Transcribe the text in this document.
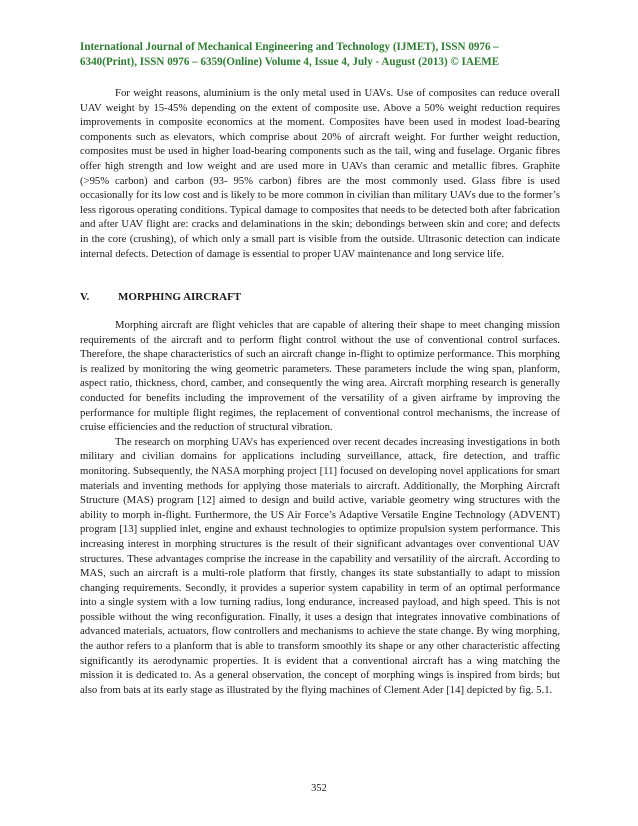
International Journal of Mechanical Engineering and Technology (IJMET), ISSN 0976 –
6340(Print), ISSN 0976 – 6359(Online) Volume 4, Issue 4, July - August (2013) © IAEME

For weight reasons, aluminium is the only metal used in UAVs. Use of composites can reduce overall UAV weight by 15-45% depending on the extent of composite use. Above a 50% weight reduction requires improvements in composite economics at the moment. Composites have been used in modest load-bearing components such as elevators, which comprise about 20% of aircraft weight. For further weight reduction, composites must be used in higher load-bearing components such as the tail, wing and fuselage. Organic fibres offer high strength and low weight and are used more in UAVs than ceramic and metallic fibres. Graphite (>95% carbon) and carbon (93- 95% carbon) fibres are the most commonly used. Glass fibre is used occasionally for its low cost and is likely to be more common in civilian than military UAVs due to the former’s less rigorous operating conditions. Typical damage to composites that needs to be detected both after fabrication and after UAV flight are: cracks and delaminations in the skin; debondings between skin and core; and defects in the core (crushing), of which only a small part is visible from the outside. Ultrasonic detection can indicate internal defects. Detection of damage is essential to proper UAV maintenance and long service life.

V.	MORPHING AIRCRAFT

Morphing aircraft are flight vehicles that are capable of altering their shape to meet changing mission requirements of the aircraft and to perform flight control without the use of conventional control surfaces. Therefore, the shape characteristics of such an aircraft change in-flight to optimize performance. This morphing is realized by monitoring the wing geometric parameters. These parameters include the wing span, planform, aspect ratio, thickness, chord, camber, and consequently the wing area. Aircraft morphing research is generally conducted for benefits including the improvement of the versatility of a given airframe by improving the performance for multiple flight regimes, the replacement of conventional control mechanisms, the increase of cruise efficiencies and the reduction of structural vibration.

The research on morphing UAVs has experienced over recent decades increasing investigations in both military and civilian domains for applications including surveillance, attack, fire detection, and traffic monitoring. Subsequently, the NASA morphing project [11] focused on developing novel applications for smart materials and inventing methods for applying those materials to aircraft. Additionally, the Morphing Aircraft Structure (MAS) program [12] aimed to design and build active, variable geometry wing structures with the ability to morph in-flight. Furthermore, the US Air Force’s Adaptive Versatile Engine Technology (ADVENT) program [13] supplied inlet, engine and exhaust technologies to optimize propulsion system performance. This increasing interest in morphing structures is the result of their significant advantages over conventional UAV structures. These advantages comprise the increase in the capability and versatility of the aircraft. According to MAS, such an aircraft is a multi-role platform that firstly, changes its state substantially to adapt to mission changing requirements. Secondly, it provides a superior system capability in term of an optimal performance into a single system with a low turning radius, long endurance, increased payload, and high speed. This is not possible without the wing reconfiguration. Finally, it uses a design that integrates innovative combinations of advanced materials, actuators, flow controllers and mechanisms to achieve the state change. By wing morphing, the author refers to a planform that is able to transform smoothly its shape or any other characteristic affecting significantly its aerodynamic properties. It is evident that a conventional aircraft has a wing matching the mission it is dedicated to. As a general observation, the concept of morphing wings is inspired from birds; but also from bats at its early stage as illustrated by the flying machines of Clement Ader [14] depicted by fig. 5.1.

352
